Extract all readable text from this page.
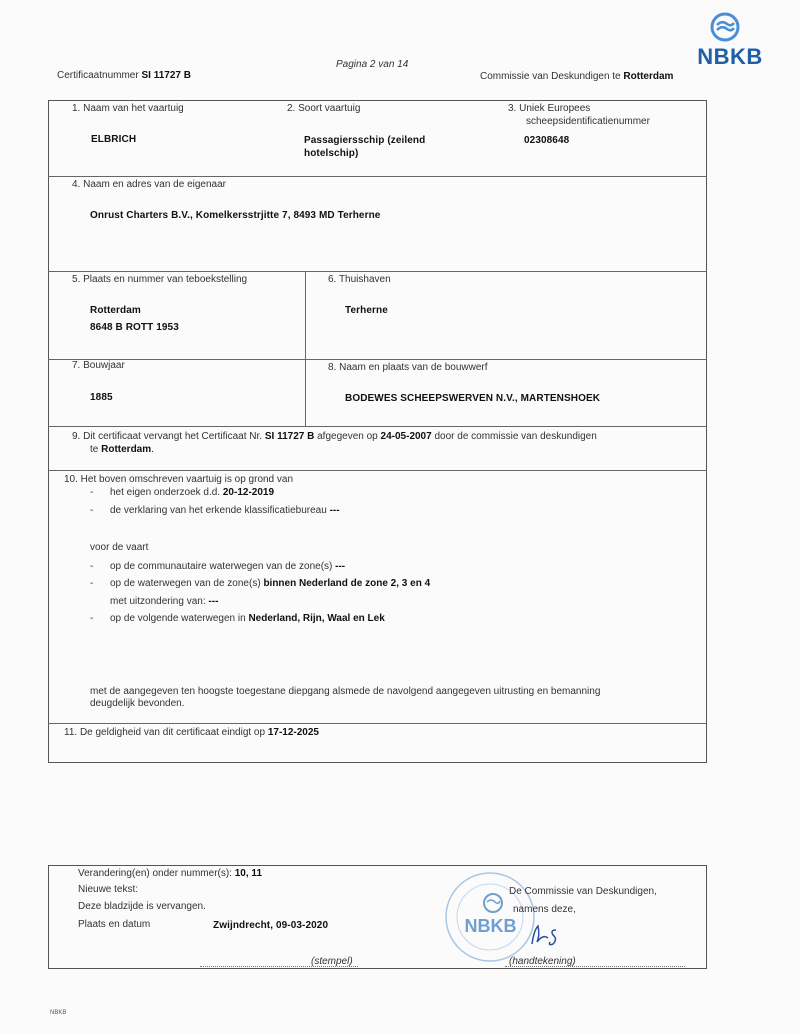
Pagina 2 van 14
Certificaatnummer SI 11727 B	Commissie van Deskundigen te Rotterdam
NBKB
1. Naam van het vaartuig
ELBRICH
2. Soort vaartuig
Passagiersschip (zeilend
hotelschip)
3. Uniek Europees
scheepsidentificatienummer
02308648
4. Naam en adres van de eigenaar
Onrust Charters B.V., Komelkersstrjitte 7, 8493 MD Terherne
5. Plaats en nummer van teboekstelling
Rotterdam
8648 B ROTT 1953
6. Thuishaven
Terherne
7. Bouwjaar
1885
8. Naam en plaats van de bouwwerf
BODEWES SCHEEPSWERVEN N.V., MARTENSHOEK
9. Dit certificaat vervangt het Certificaat Nr. SI 11727 B afgegeven op 24-05-2007 door de commissie van deskundigen
te Rotterdam.
10. Het boven omschreven vaartuig is op grond van
- het eigen onderzoek d.d. 20-12-2019
- de verklaring van het erkende klassificatiebureau ---
voor de vaart
- op de communautaire waterwegen van de zone(s) ---
- op de waterwegen van de zone(s) binnen Nederland de zone 2, 3 en 4
met uitzondering van: ---
- op de volgende waterwegen in Nederland, Rijn, Waal en Lek
met de aangegeven ten hoogste toegestane diepgang alsmede de navolgend aangegeven uitrusting en bemanning
deugdelijk bevonden.
11. De geldigheid van dit certificaat eindigt op 17-12-2025
Verandering(en) onder nummer(s): 10, 11
Nieuwe tekst:
Deze bladzijde is vervangen.
Plaats en datum	Zwijndrecht, 09-03-2020	NBKB
De Commissie van Deskundigen,
namens deze,
(stempel)	(handtekening)
NBKB
